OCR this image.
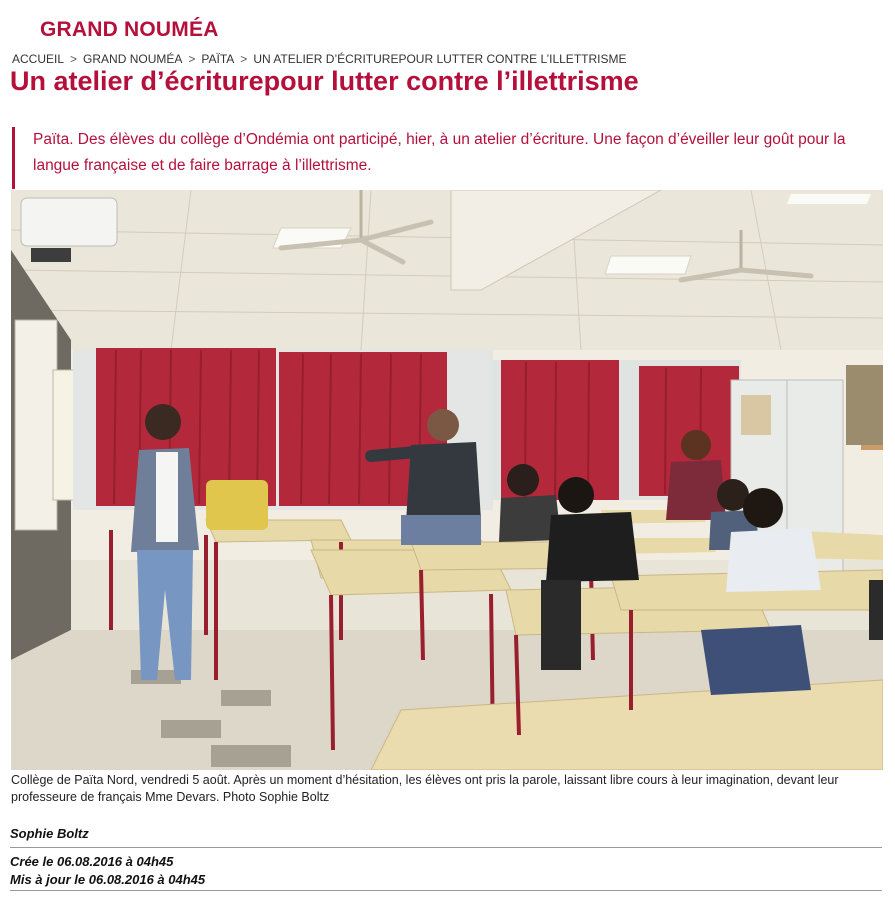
GRAND NOUMÉA
ACCUEIL > GRAND NOUMÉA > PAÏTA > UN ATELIER D’ÉCRITUREPOUR LUTTER CONTRE L’ILLETTRISME
Un atelier d’écriturepour lutter contre l’illettrisme

Païta. Des élèves du collège d’Ondémia ont participé, hier, à un atelier d’écriture. Une façon d’éveiller leur goût pour la langue française et de faire barrage à l’illettrisme.

Collège de Païta Nord, vendredi 5 août. Après un moment d’hésitation, les élèves ont pris la parole, laissant libre cours à leur imagination, devant leur professeure de français Mme Devars. Photo Sophie Boltz

Sophie Boltz
Crée le 06.08.2016 à 04h45
Mis à jour le 06.08.2016 à 04h45
